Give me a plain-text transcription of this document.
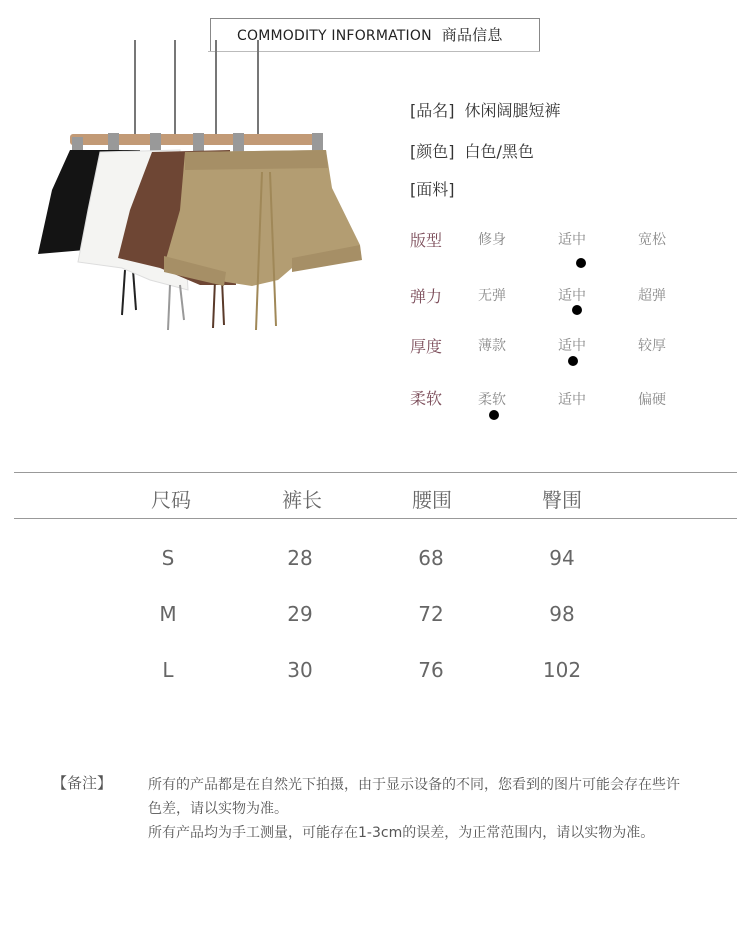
COMMODITY INFORMATION 商品信息
[品名] 休闲阔腿短裤
[颜色] 白色/黑色
[面料]
版型	修身	适中	宽松
弹力	无弹	适中	超弹
厚度	薄款	适中	较厚
柔软	柔软	适中	偏硬
尺码	裤长	腰围	臀围
S	28	68	94
M	29	72	98
L	30	76	102
【备注】	所有的产品都是在自然光下拍摄，由于显示设备的不同，您看到的图片可能会存在些许色差，请以实物为准。

所有产品均为手工测量，可能存在1-3cm的误差，为正常范围内，请以实物为准。
